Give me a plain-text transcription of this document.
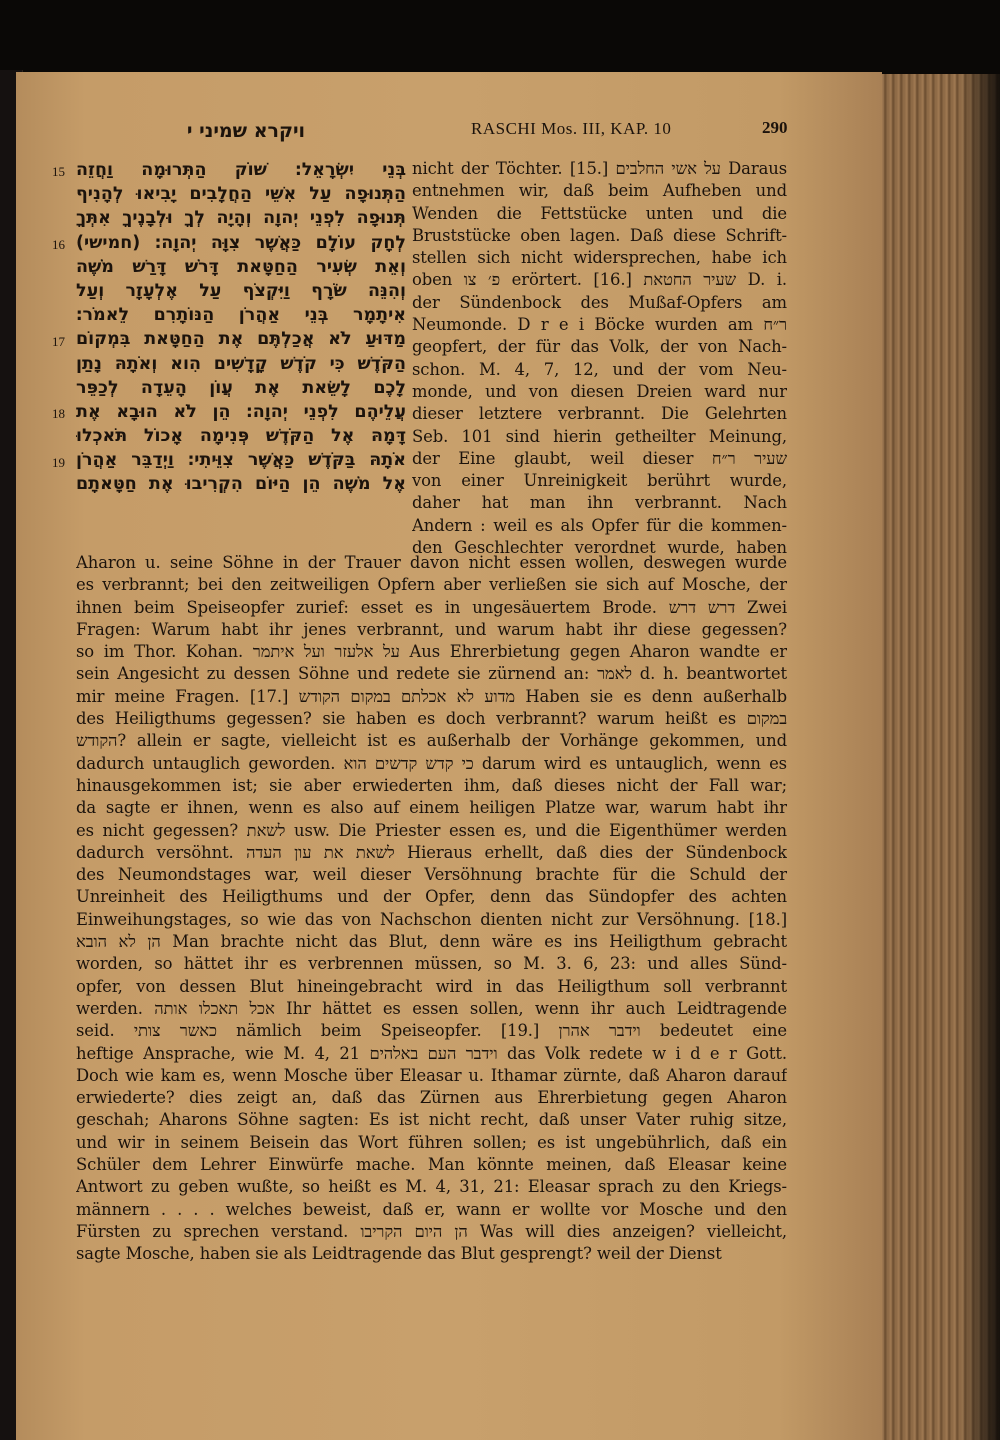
ויקרא שמיני י	RASCHI Mos. III, KAP. 10	290
15
16
17
18
19
בְּנֵי יִשְׂרָאֵל׃ שׁוֹק הַתְּרוּמָה וַחֲזֵה
הַתְּנוּפָה עַל אִשֵּׁי הַחֲלָבִים יָבִיאוּ לְהָנִיף
תְּנוּפָה לִפְנֵי יְהוָה וְהָיָה לְךָ וּלְבָנֶיךָ אִתְּךָ
לְחָק עוֹלָם כַּאֲשֶׁר צִוָּה יְהוָה׃ (חמישי)
וְאֵת שְׂעִיר הַחַטָּאת דָּרֹשׁ דָּרַשׁ מֹשֶׁה
וְהִנֵּה שֹׂרָף וַיִּקְצֹף עַל אֶלְעָזָר וְעַל
אִיתָמָר בְּנֵי אַהֲרֹן הַנּוֹתָרִם לֵאמֹר׃
מַדּוּעַ לֹא אֲכַלְתֶּם אֶת הַחַטָּאת בִּמְקוֹם
הַקֹּדֶשׁ כִּי קֹדֶשׁ קָדָשִׁים הִוא וְאֹתָהּ נָתַן
לָכֶם לָשֵׂאת אֶת עֲוֹן הָעֵדָה לְכַפֵּר
עֲלֵיהֶם לִפְנֵי יְהוָה׃ הֵן לֹא הוּבָא אֶת
דָּמָהּ אֶל הַקֹּדֶשׁ פְּנִימָה אָכוֹל תֹּאכְלוּ
אֹתָהּ בַּקֹּדֶשׁ כַּאֲשֶׁר צִוֵּיתִי׃ וַיְדַבֵּר אַהֲרֹן
אֶל מֹשֶׁה הֵן הַיּוֹם הִקְרִיבוּ אֶת חַטָּאתָם
nicht der Töchter. [15.] על אשי החלבים Daraus
entnehmen wir, daß beim Aufheben und
Wenden die Fettstücke unten und die
Bruststücke oben lagen. Daß diese Schrift-
stellen sich nicht widersprechen, habe ich
oben פ׳ צו erörtert. [16.] שעיר החטאת D. i.
der Sündenbock des Mußaf-Opfers am
Neumonde. D r e i Böcke wurden am ר״ח
geopfert, der für das Volk, der von Nach-
schon. M. 4, 7, 12, und der vom Neu-
monde, und von diesen Dreien ward nur
dieser letztere verbrannt. Die Gelehrten
Seb. 101 sind hierin getheilter Meinung,
der Eine glaubt, weil dieser שעיר ר״ח
von einer Unreinigkeit berührt wurde,
daher hat man ihn verbrannt. Nach
Andern : weil es als Opfer für die kommen-
den Geschlechter verordnet wurde, haben
Aharon u. seine Söhne in der Trauer davon nicht essen wollen, deswegen wurde
es verbrannt; bei den zeitweiligen Opfern aber verließen sie sich auf Mosche, der
ihnen beim Speiseopfer zurief: esset es in ungesäuertem Brode. דרש דרש Zwei
Fragen: Warum habt ihr jenes verbrannt, und warum habt ihr diese gegessen?
so im Thor. Kohan. על אלעזר ועל איתמר Aus Ehrerbietung gegen Aharon wandte er
sein Angesicht zu dessen Söhne und redete sie zürnend an: לאמר d. h. beantwortet
mir meine Fragen. [17.] מדוע לא אכלתם במקום הקודש Haben sie es denn außerhalb
des Heiligthums gegessen? sie haben es doch verbrannt? warum heißt es במקום
הקודש? allein er sagte, vielleicht ist es außerhalb der Vorhänge gekommen, und
dadurch untauglich geworden. כי קדש קדשים הוא darum wird es untauglich, wenn es
hinausgekommen ist; sie aber erwiederten ihm, daß dieses nicht der Fall war;
da sagte er ihnen, wenn es also auf einem heiligen Platze war, warum habt ihr
es nicht gegessen? לשאת usw. Die Priester essen es, und die Eigenthümer werden
dadurch versöhnt. לשאת את עון העדה Hieraus erhellt, daß dies der Sündenbock
des Neumondstages war, weil dieser Versöhnung brachte für die Schuld der
Unreinheit des Heiligthums und der Opfer, denn das Sündopfer des achten
Einweihungstages, so wie das von Nachschon dienten nicht zur Versöhnung. [18.]
הן לא הובא Man brachte nicht das Blut, denn wäre es ins Heiligthum gebracht
worden, so hättet ihr es verbrennen müssen, so M. 3. 6, 23: und alles Sünd-
opfer, von dessen Blut hineingebracht wird in das Heiligthum soll verbrannt
werden. אכל תאכלו אותה Ihr hättet es essen sollen, wenn ihr auch Leidtragende
seid. כאשר צותי nämlich beim Speiseopfer. [19.] וידבר אהרן bedeutet eine
heftige Ansprache, wie M. 4, 21 וידבר העם באלהים das Volk redete w i d e r Gott.
Doch wie kam es, wenn Mosche über Eleasar u. Ithamar zürnte, daß Aharon darauf
erwiederte? dies zeigt an, daß das Zürnen aus Ehrerbietung gegen Aharon
geschah; Aharons Söhne sagten: Es ist nicht recht, daß unser Vater ruhig sitze,
und wir in seinem Beisein das Wort führen sollen; es ist ungebührlich, daß ein
Schüler dem Lehrer Einwürfe mache. Man könnte meinen, daß Eleasar keine
Antwort zu geben wußte, so heißt es M. 4, 31, 21: Eleasar sprach zu den Kriegs-
männern . . . . welches beweist, daß er, wann er wollte vor Mosche und den
Fürsten zu sprechen verstand. הן היום הקריבו Was will dies anzeigen? vielleicht,
sagte Mosche, haben sie als Leidtragende das Blut gesprengt? weil der Dienst
